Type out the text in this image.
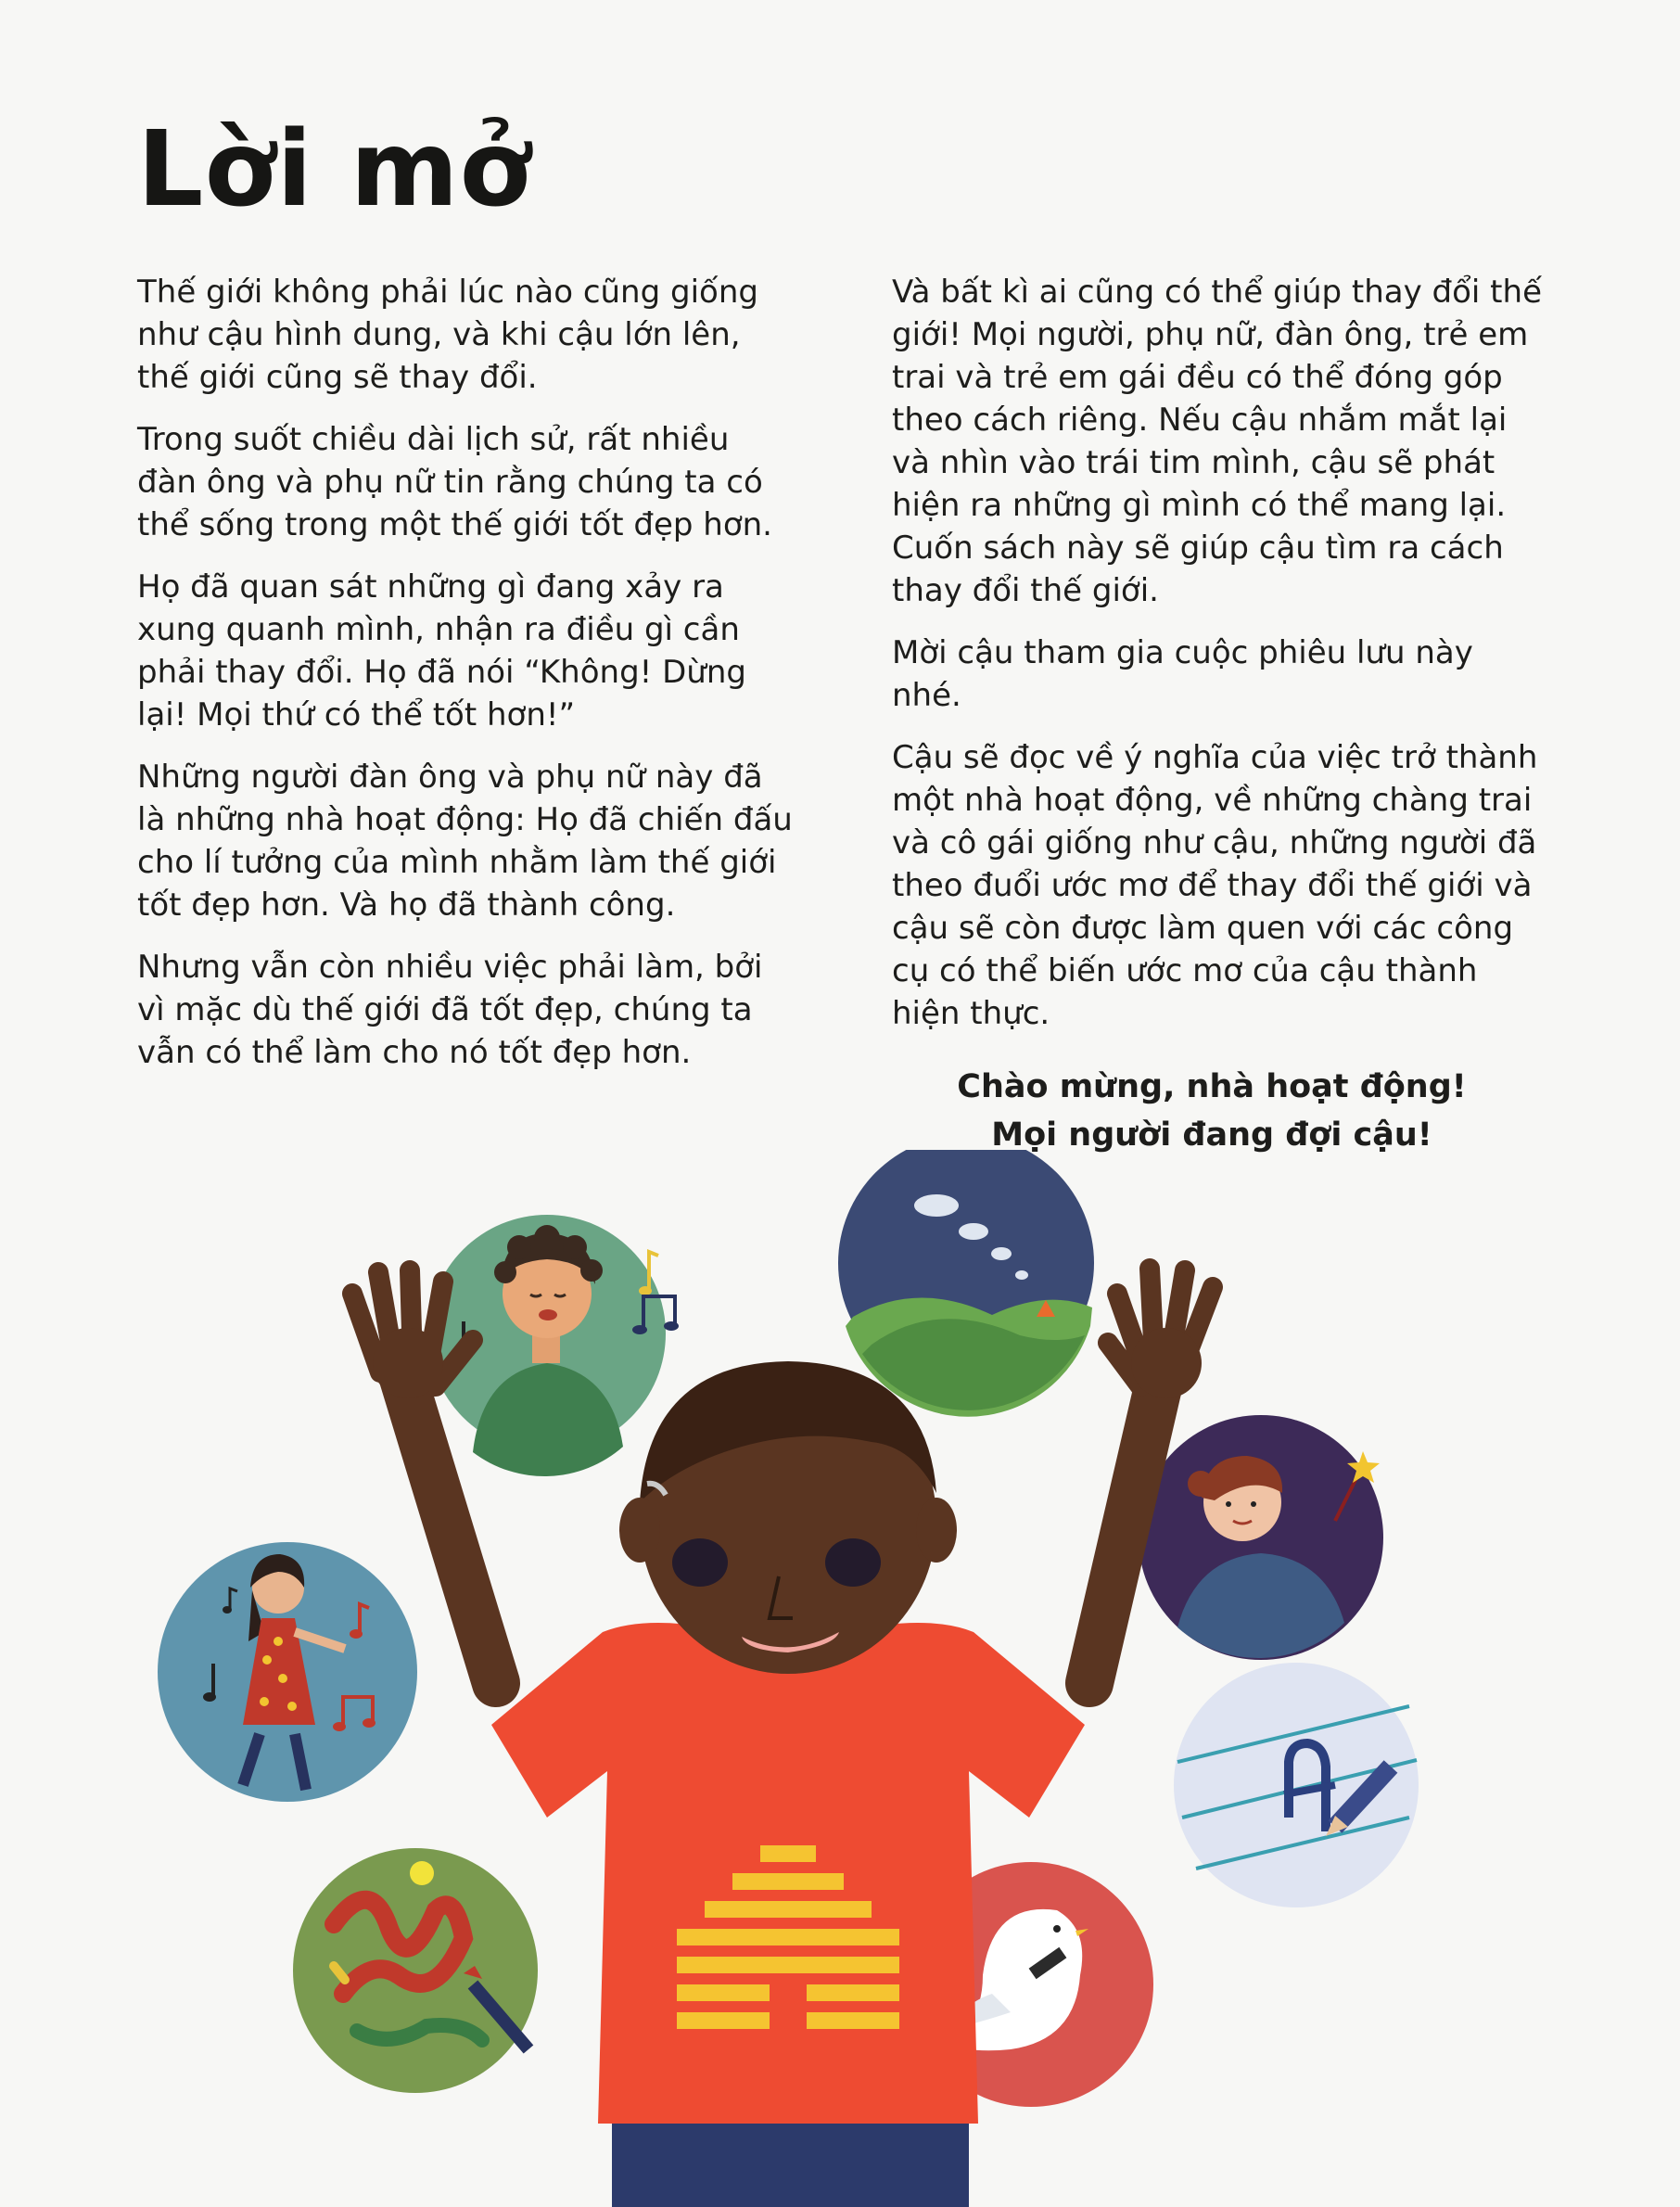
Lời mở

Thế giới không phải lúc nào cũng giống như cậu hình dung, và khi cậu lớn lên, thế giới cũng sẽ thay đổi.

Trong suốt chiều dài lịch sử, rất nhiều đàn ông và phụ nữ tin rằng chúng ta có thể sống trong một thế giới tốt đẹp hơn.

Họ đã quan sát những gì đang xảy ra xung quanh mình, nhận ra điều gì cần phải thay đổi. Họ đã nói “Không! Dừng lại! Mọi thứ có thể tốt hơn!”

Những người đàn ông và phụ nữ này đã là những nhà hoạt động: Họ đã chiến đấu cho lí tưởng của mình nhằm làm thế giới tốt đẹp hơn. Và họ đã thành công.

Nhưng vẫn còn nhiều việc phải làm, bởi vì mặc dù thế giới đã tốt đẹp, chúng ta vẫn có thể làm cho nó tốt đẹp hơn.

Và bất kì ai cũng có thể giúp thay đổi thế giới! Mọi người, phụ nữ, đàn ông, trẻ em trai và trẻ em gái đều có thể đóng góp theo cách riêng. Nếu cậu nhắm mắt lại và nhìn vào trái tim mình, cậu sẽ phát hiện ra những gì mình có thể mang lại. Cuốn sách này sẽ giúp cậu tìm ra cách thay đổi thế giới.

Mời cậu tham gia cuộc phiêu lưu này nhé.

Cậu sẽ đọc về ý nghĩa của việc trở thành một nhà hoạt động, về những chàng trai và cô gái giống như cậu, những người đã theo đuổi ước mơ để thay đổi thế giới và cậu sẽ còn được làm quen với các công cụ có thể biến ước mơ của cậu thành hiện thực.

Chào mừng, nhà hoạt động!
Mọi người đang đợi cậu!
